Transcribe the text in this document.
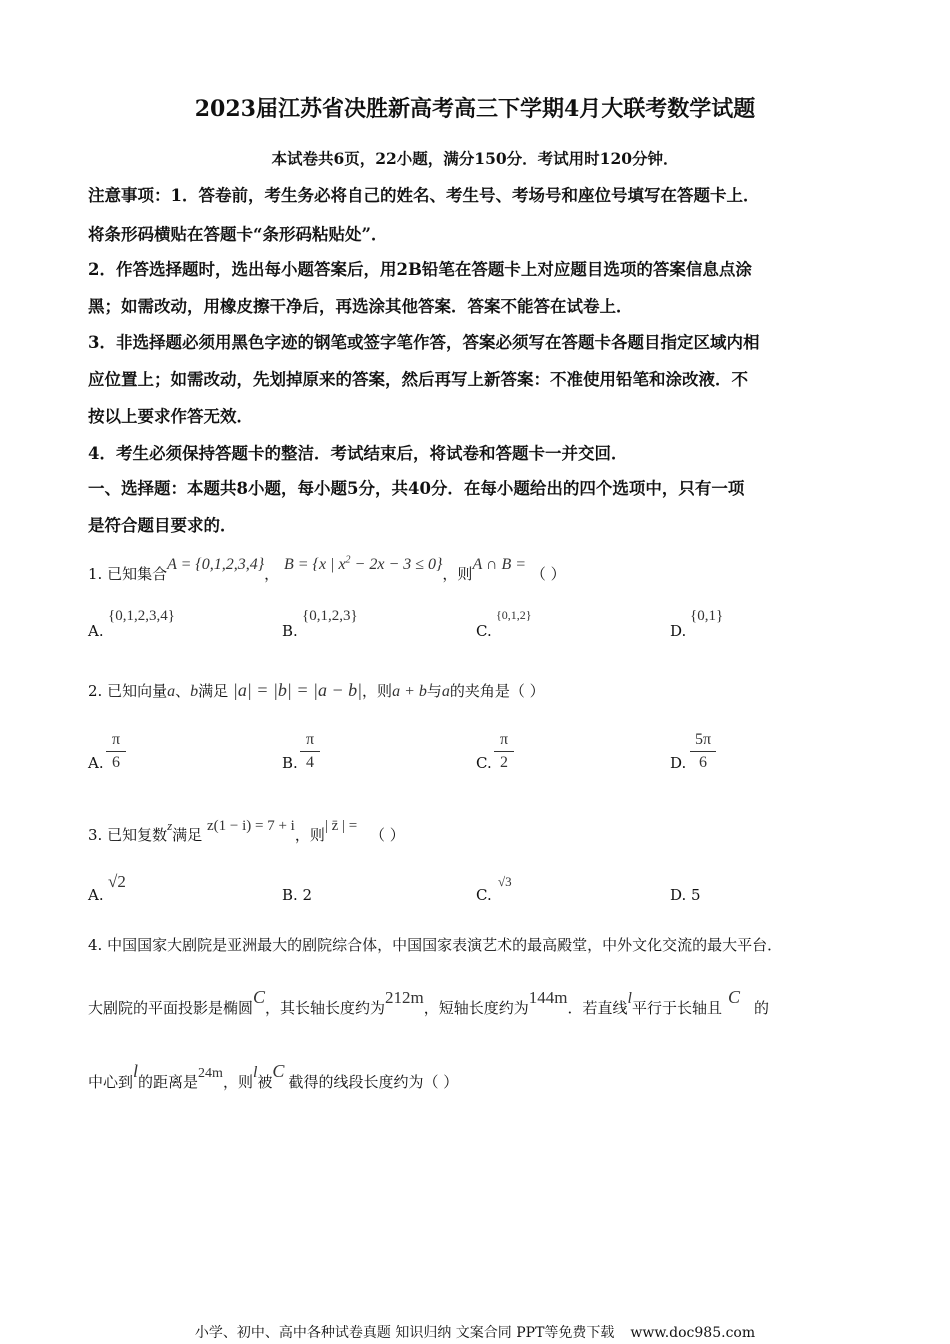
2023届江苏省决胜新高考高三下学期4月大联考数学试题
本试卷共6页，22小题，满分150分．考试用时120分钟．
注意事项：1．答卷前，考生务必将自己的姓名、考生号、考场号和座位号填写在答题卡上．
将条形码横贴在答题卡“条形码粘贴处”．
2．作答选择题时，选出每小题答案后，用2B铅笔在答题卡上对应题目选项的答案信息点涂
黑；如需改动，用橡皮擦干净后，再选涂其他答案．答案不能答在试卷上．
3．非选择题必须用黑色字迹的钢笔或签字笔作答，答案必须写在答题卡各题目指定区域内相
应位置上；如需改动，先划掉原来的答案，然后再写上新答案：不准使用铅笔和涂改液．不
按以上要求作答无效．
4．考生必须保持答题卡的整洁．考试结束后，将试卷和答题卡一并交回．
一、选择题：本题共8小题，每小题5分，共40分．在每小题给出的四个选项中，只有一项
是符合题目要求的．
1. 已知集合A = {0,1,2,3,4}， B = {x | $x^2 - 2x - 3 \le 0$}，则A ∩ B = （ ）
A.
{0,1,2,3,4}
B.
{0,1,2,3}
C.
{0,1,2}
D.
{0,1}
2. 已知向量a、b满足 |a| = |b| = |a − b|，则a + b与a的夹角是（ ）
A.
π
6	B.
π
4	C.
π
2	D.
5π
6
3. 已知复数z满足 z(1 − i) = 7 + i，则| z̄ | = （ ）
A.
√2
B. 2	C.
√3
D. 5
4. 中国国家大剧院是亚洲最大的剧院综合体，中国国家表演艺术的最高殿堂，中外文化交流的最大平台．
大剧院的平面投影是椭圆C，其长轴长度约为212m，短轴长度约为144m．若直线l平行于长轴且C的
中心到l的距离是24m，则l被C截得的线段长度约为（ ）
小学、初中、高中各种试卷真题 知识归纳 文案合同 PPT等免费下载 www.doc985.com
